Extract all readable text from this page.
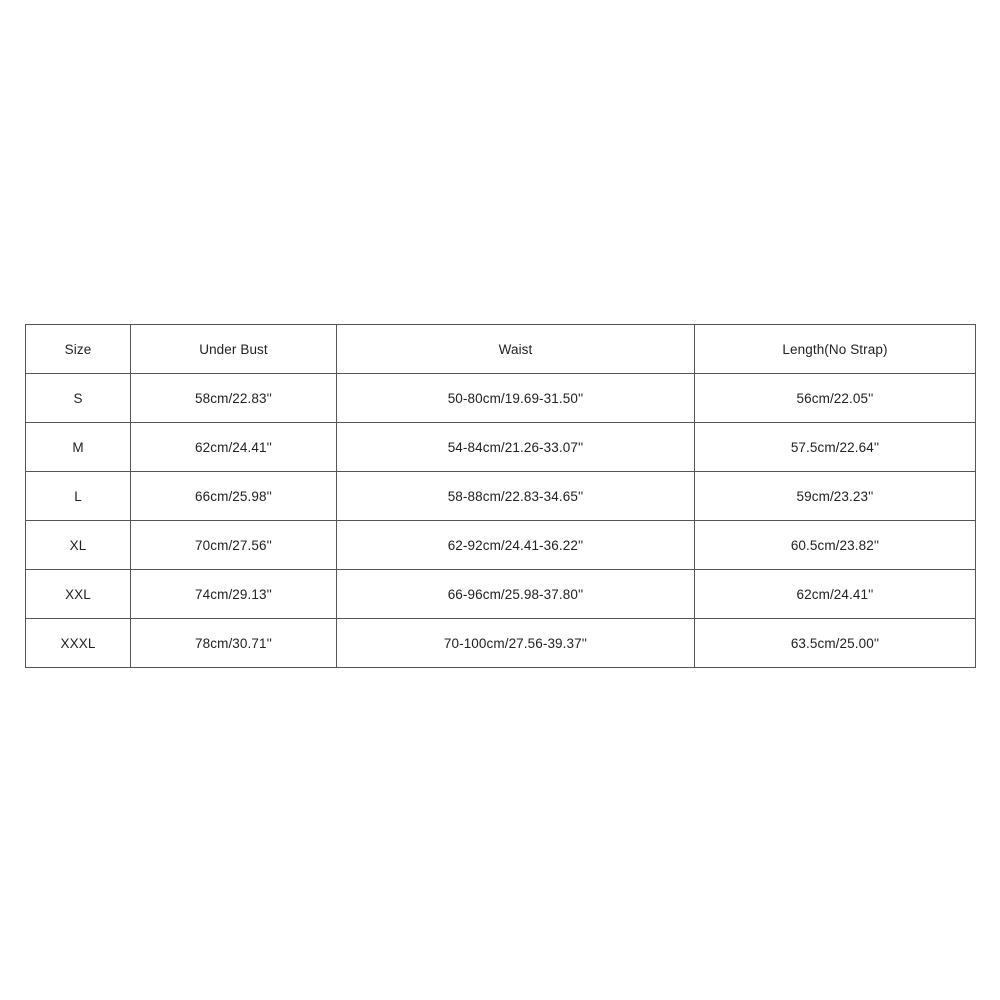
Size	Under Bust	Waist	Length(No Strap)
S	58cm/22.83''	50-80cm/19.69-31.50''	56cm/22.05''
M	62cm/24.41''	54-84cm/21.26-33.07''	57.5cm/22.64''
L	66cm/25.98''	58-88cm/22.83-34.65''	59cm/23.23''
XL	70cm/27.56''	62-92cm/24.41-36.22''	60.5cm/23.82''
XXL	74cm/29.13''	66-96cm/25.98-37.80''	62cm/24.41''
XXXL	78cm/30.71''	70-100cm/27.56-39.37''	63.5cm/25.00''
